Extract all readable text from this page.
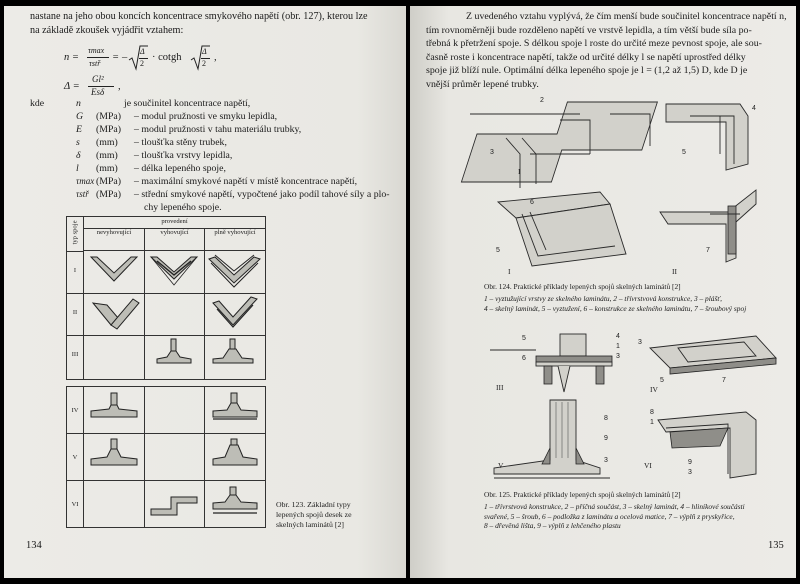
nastane na jeho obou koncích koncentrace smykového napětí (obr. 127), kterou lze
na základě zkoušek vyjádřit vztahem:
n =
τmax
τstř
= –
Δ
2
· cotgh
Δ
2
,
Δ =
Gl²
Esδ ,
kde	n	je součinitel koncentrace napětí,
G (MPa) – modul pružnosti ve smyku lepidla,
E (MPa) – modul pružnosti v tahu materiálu trubky,
s (mm) – tloušťka stěny trubek,
δ (mm) – tloušťka vrstvy lepidla,
l (mm) – délka lepeného spoje,
τmax (MPa) – maximální smykové napětí v místě koncentrace napětí,
τstř (MPa) – střední smykové napětí, vypočtené jako podíl tahové síly a plo-
chy lepeného spoje.
typ spoje	provedení
nevyhovující	vyhovující	plně vyhovující
I
II
III
IV
V
VI	Obr. 123. Základní typy
lepených spojů desek ze
skelných laminátů [2]
134
Z uvedeného vztahu vyplývá, že čím menší bude součinitel koncentrace napětí n,
tím rovnoměrněji bude rozděleno napětí ve vrstvě lepidla, a tím větší bude síla po-
třebná k přetržení spoje. S délkou spoje l roste do určité meze pevnost spoje, ale sou-
časně roste i koncentrace napětí, takže od určité délky l se napětí uprostřed délky
spoje již blíží nule. Optimální délka lepeného spoje je l = (1,2 až 1,5) D, kde D je
vnější průměr lepené trubky.
2
3
I
6
5
I
4
5
7
II
Obr. 124. Praktické příklady lepených spojů skelných laminátů [2]
1 – vyztužující vrstvy ze skelného laminátu, 2 – třívrstvová konstrukce, 3 – plášť,
4 – skelný laminát, 5 – vyztužení, 6 – konstrukce ze skelného laminátu, 7 – šroubový spoj
5
6
4
1
3
III
3
5	7
IV
8
9
3
V
8
1
9
3
VI
Obr. 125. Praktické příklady lepených spojů skelných laminátů [2]
1 – třívrstvová konstrukce, 2 – příčná součást, 3 – skelný laminát, 4 – hliníkové součásti
svařené, 5 – šroub, 6 – podložka z laminátu a ocelová matice, 7 – výplň z pryskyřice,
8 – dřevěná lišta, 9 – výplň z lehčeného plastu
135
